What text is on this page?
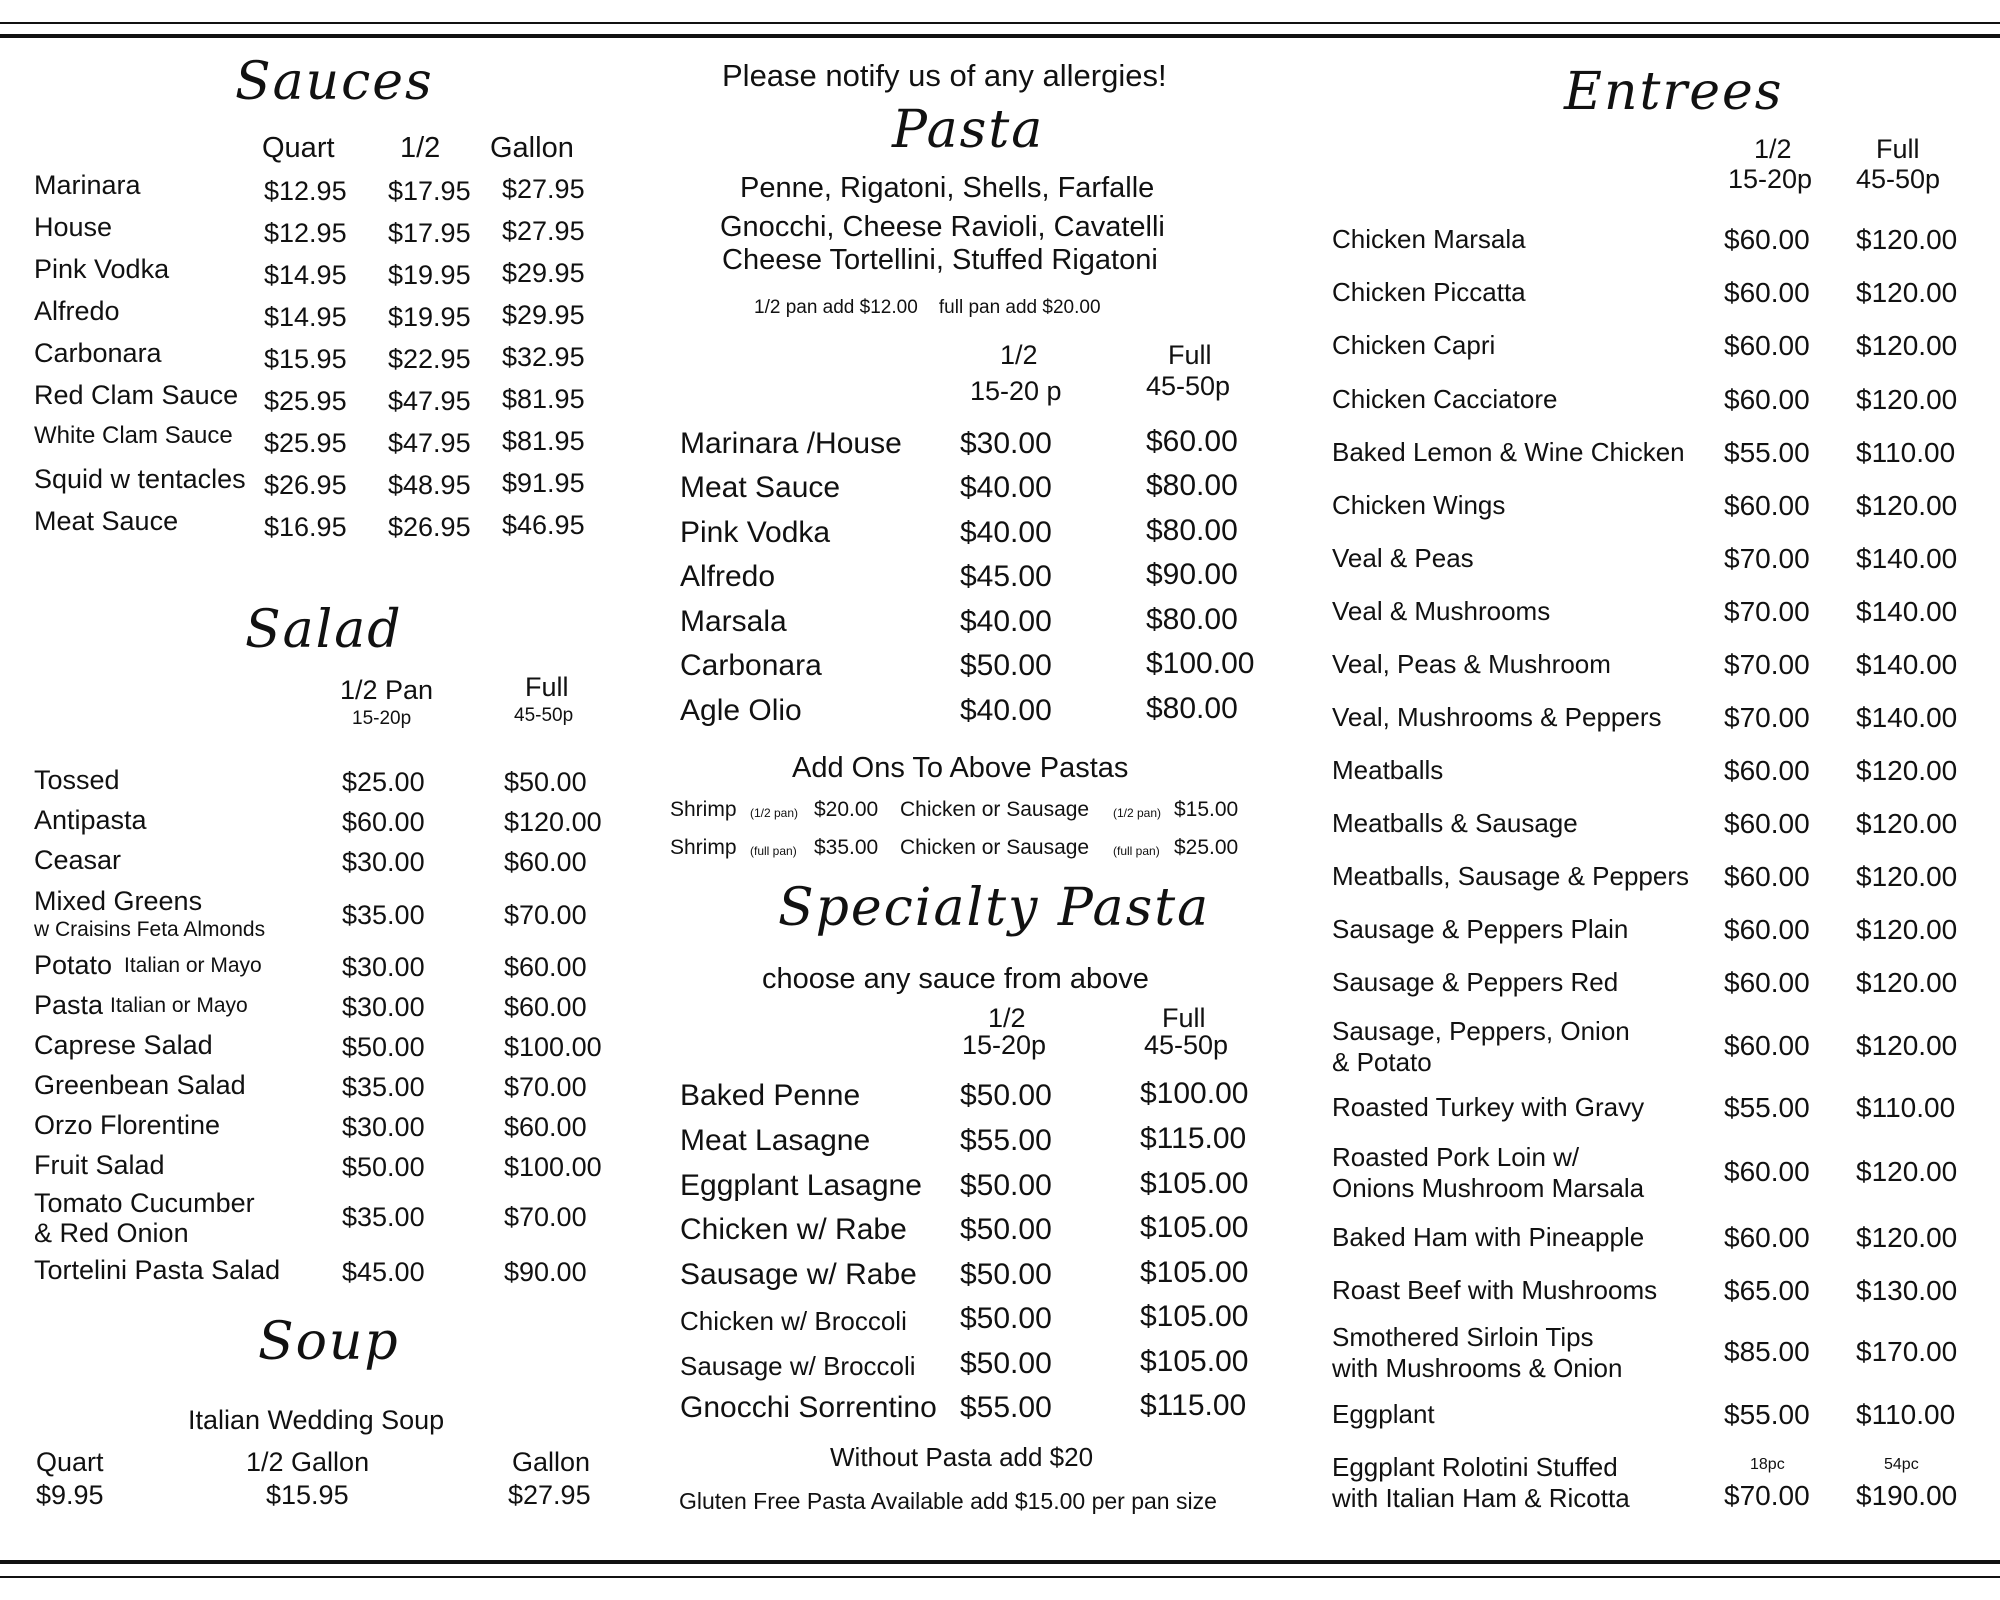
Sauces
Quart 1/2 Gallon
Marinara	$12.95 $17.95 $27.95
House	$12.95 $17.95 $27.95
Pink Vodka	$14.95 $19.95 $29.95
Alfredo	$14.95 $19.95 $29.95
Carbonara	$15.95 $22.95 $32.95
Red Clam Sauce $25.95 $47.95 $81.95
White Clam Sauce $25.95 $47.95 $81.95
Squid w tentacles $26.95 $48.95 $91.95
Meat Sauce	$16.95 $26.95 $46.95
Salad
1/2 Pan
15-20p
Full
45-50p
Tossed	$25.00	$50.00
Antipasta	$60.00	$120.00
Ceasar	$30.00	$60.00
Mixed Greens
w Craisins Feta Almonds	$35.00	$70.00
Potato Italian or Mayo	$30.00	$60.00
Pasta Italian or Mayo	$30.00	$60.00
Caprese Salad	$50.00	$100.00
Greenbean Salad	$35.00	$70.00
Orzo Florentine	$30.00	$60.00
Fruit Salad	$50.00	$100.00
Tomato Cucumber
& Red Onion
$35.00	$70.00
Tortelini Pasta Salad $45.00	$90.00
Soup
Italian Wedding Soup
Quart
$9.95
1/2 Gallon
$15.95
Gallon
$27.95
Please notify us of any allergies!
Pasta
Penne, Rigatoni, Shells, Farfalle
Gnocchi, Cheese Ravioli, Cavatelli
Cheese Tortellini, Stuffed Rigatoni
1/2 pan add $12.00    full pan add $20.00
1/2
15-20 p
Full
45-50p
Marinara /House $30.00	$60.00
Meat Sauce	$40.00	$80.00
Pink Vodka	$40.00	$80.00
Alfredo	$45.00	$90.00
Marsala	$40.00	$80.00
Carbonara	$50.00	$100.00
Agle Olio	$40.00	$80.00
Add Ons To Above Pastas
Shrimp (1/2 pan) $20.00 Chicken or Sausage (1/2 pan) $15.00
Shrimp (full pan) $35.00 Chicken or Sausage (full pan) $25.00
Specialty Pasta
choose any sauce from above
1/2
15-20p
Full
45-50p
Baked Penne	$50.00	$100.00
Meat Lasagne	$55.00	$115.00
Eggplant Lasagne $50.00	$105.00
Chicken w/ Rabe $50.00	$105.00
Sausage w/ Rabe $50.00	$105.00
Chicken w/ Broccoli $50.00	$105.00
Sausage w/ Broccoli $50.00	$105.00
Gnocchi Sorrentino $55.00	$115.00
Without Pasta add $20
Gluten Free Pasta Available add $15.00 per pan size
Entrees
1/2
15-20p
Full
45-50p
Chicken Marsala	$60.00 $120.00
Chicken Piccatta	$60.00 $120.00
Chicken Capri	$60.00 $120.00
Chicken Cacciatore	$60.00 $120.00
Baked Lemon & Wine Chicken $55.00 $110.00
Chicken Wings	$60.00 $120.00
Veal & Peas	$70.00 $140.00
Veal & Mushrooms	$70.00 $140.00
Veal, Peas & Mushroom	$70.00 $140.00
Veal, Mushrooms & Peppers $70.00 $140.00
Meatballs	$60.00 $120.00
Meatballs & Sausage	$60.00 $120.00
Meatballs, Sausage & Peppers $60.00 $120.00
Sausage & Peppers Plain	$60.00 $120.00
Sausage & Peppers Red	$60.00 $120.00
Sausage, Peppers, Onion
& Potato
$60.00 $120.00
Roasted Turkey with Gravy	$55.00 $110.00
Roasted Pork Loin w/
Onions Mushroom Marsala
$60.00 $120.00
Baked Ham with Pineapple	$60.00 $120.00
Roast Beef with Mushrooms $65.00 $130.00
Smothered Sirloin Tips
with Mushrooms & Onion
$85.00 $170.00
Eggplant	$55.00 $110.00
Eggplant Rolotini Stuffed
with Italian Ham & Ricotta
18pc
$70.00
54pc
$190.00
